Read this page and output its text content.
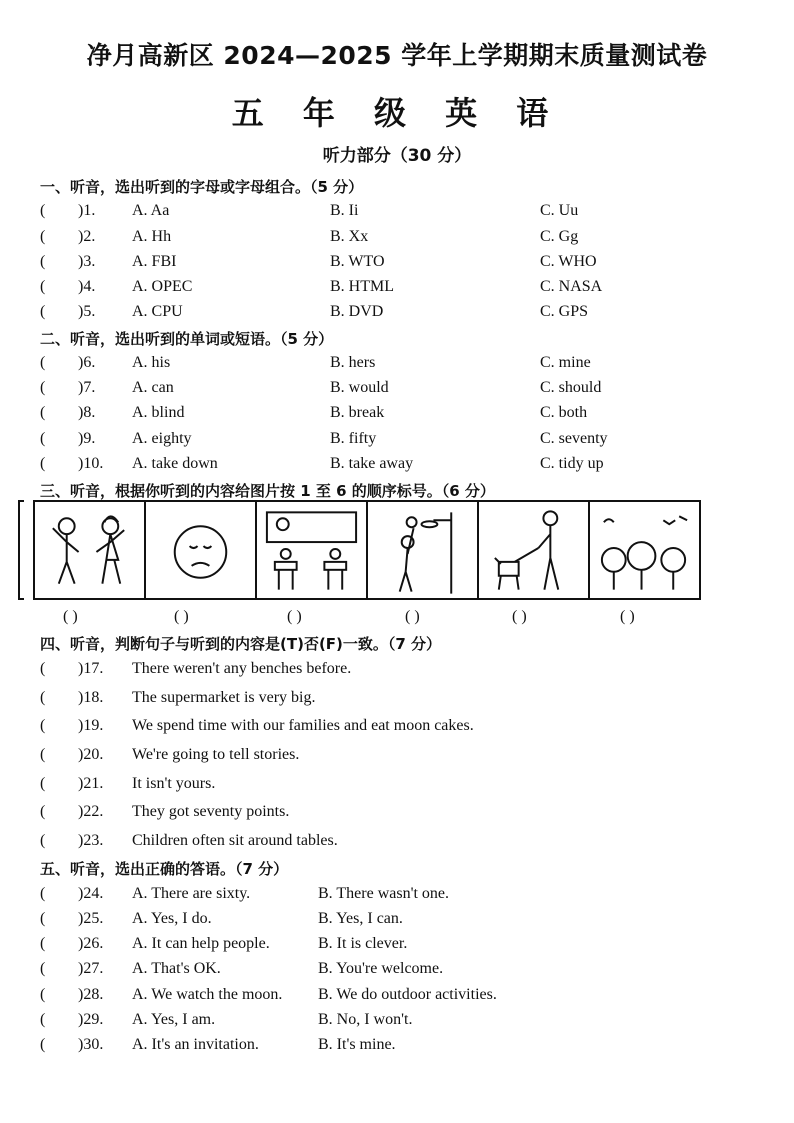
净月高新区 2024—2025 学年上学期期末质量测试卷
五 年 级 英 语
听力部分（30 分）
一、听音，选出听到的字母或字母组合。（5 分）
( )1. A. Aa	B. Ii	C. Uu
( )2. A. Hh	B. Xx	C. Gg
( )3. A. FBI	B. WTO	C. WHO
( )4. A. OPEC	B. HTML	C. NASA
( )5. A. CPU	B. DVD	C. GPS
二、听音，选出听到的单词或短语。（5 分）
( )6. A. his	B. hers	C. mine
( )7. A. can	B. would	C. should
( )8. A. blind	B. break	C. both
( )9. A. eighty	B. fifty	C. seventy
( )10. A. take down	B. take away	C. tidy up
三、听音，根据你听到的内容给图片按 1 至 6 的顺序标号。（6 分）
( )	( )	( )	( )	( )	( )
四、听音，判断句子与听到的内容是(T)否(F)一致。（7 分）
( )17. There weren't any benches before.
( )18. The supermarket is very big.
( )19. We spend time with our families and eat moon cakes.
( )20. We're going to tell stories.
( )21. It isn't yours.
( )22. They got seventy points.
( )23. Children often sit around tables.
五、听音，选出正确的答语。（7 分）
( )24. A. There are sixty.	B. There wasn't one.
( )25. A. Yes, I do.	B. Yes, I can.
( )26. A. It can help people.	B. It is clever.
( )27. A. That's OK.	B. You're welcome.
( )28. A. We watch the moon. B. We do outdoor activities.
( )29. A. Yes, I am.	B. No, I won't.
( )30. A. It's an invitation.	B. It's mine.
